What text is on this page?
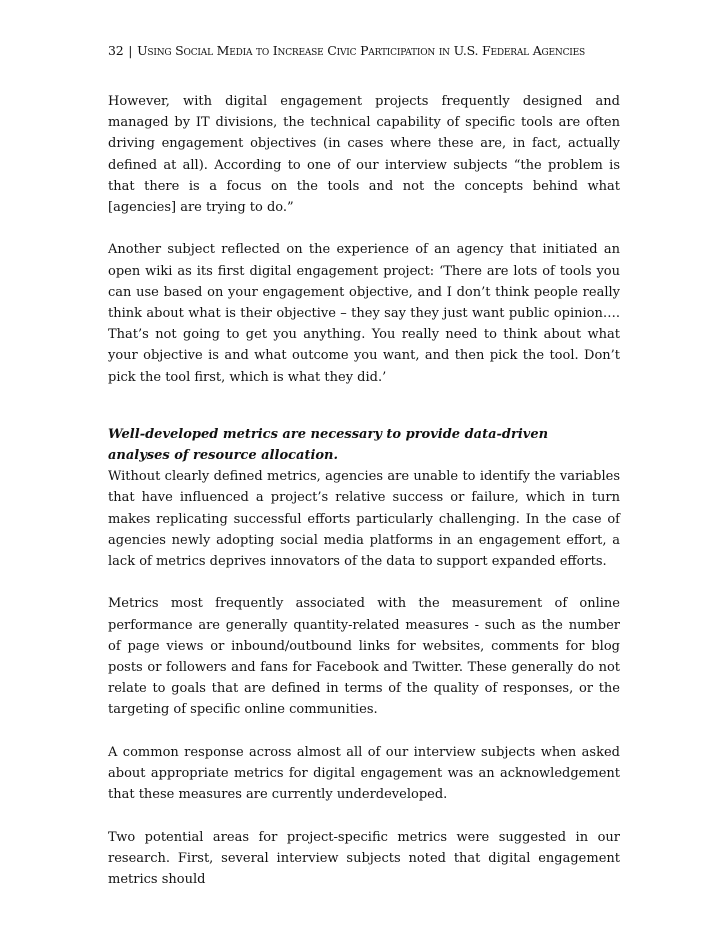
32 | Using Social Media to Increase Civic Participation in U.S. Federal Agencies

However, with digital engagement projects frequently designed and managed by IT divisions, the technical capability of specific tools are often driving engagement objectives (in cases where these are, in fact, actually defined at all). According to one of our interview subjects “the problem is that there is a focus on the tools and not the concepts behind what [agencies] are trying to do.”

Another subject reflected on the experience of an agency that initiated an open wiki as its first digital engagement project: ‘There are lots of tools you can use based on your engagement objective, and I don’t think people really think about what is their objective – they say they just want public opinion…. That’s not going to get you anything. You really need to think about what your objective is and what outcome you want, and then pick the tool. Don’t pick the tool first, which is what they did.’

Well-developed metrics are necessary to provide data-driven analyses of resource allocation.

Without clearly defined metrics, agencies are unable to identify the variables that have influenced a project’s relative success or failure, which in turn makes replicating successful efforts particularly challenging. In the case of agencies newly adopting social media platforms in an engagement effort, a lack of metrics deprives innovators of the data to support expanded efforts.

Metrics most frequently associated with the measurement of online performance are generally quantity-related measures - such as the number of page views or inbound/outbound links for websites, comments for blog posts or followers and fans for Facebook and Twitter. These generally do not relate to goals that are defined in terms of the quality of responses, or the targeting of specific online communities.

A common response across almost all of our interview subjects when asked about appropriate metrics for digital engagement was an acknowledgement that these measures are currently underdeveloped.

Two potential areas for project-specific metrics were suggested in our research. First, several interview subjects noted that digital engagement metrics should
